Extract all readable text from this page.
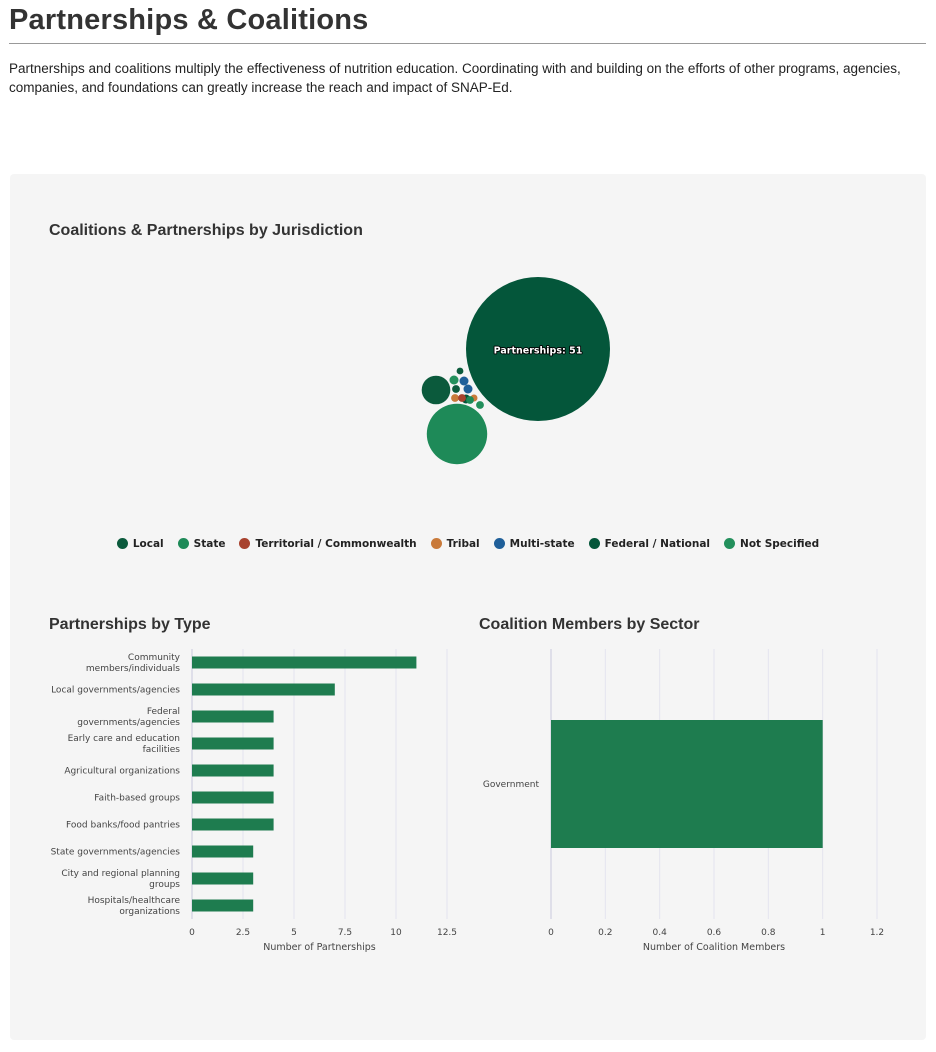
Partnerships & Coalitions

Partnerships and coalitions multiply the effectiveness of nutrition education. Coordinating with and building on the efforts of other programs, agencies, companies, and foundations can greatly increase the reach and impact of SNAP-Ed.

Coalitions & Partnerships by Jurisdiction
Partnerships: 51
Local	State	Territorial / Commonwealth	Tribal	Multi-state	Federal / National	Not Specified
Partnerships by Type
Community
members/individuals
Local governments/agencies
Federal
governments/agencies
Early care and education
facilities
Agricultural organizations
Faith-based groups
Food banks/food pantries
State governments/agencies
City and regional planning
groups
Hospitals/healthcare
organizations
0	2.5	5	7.5	10	12.5
Number of Partnerships
Coalition Members by Sector
Government
0	0.2	0.4	0.6	0.8	1	1.2
Number of Coalition Members
